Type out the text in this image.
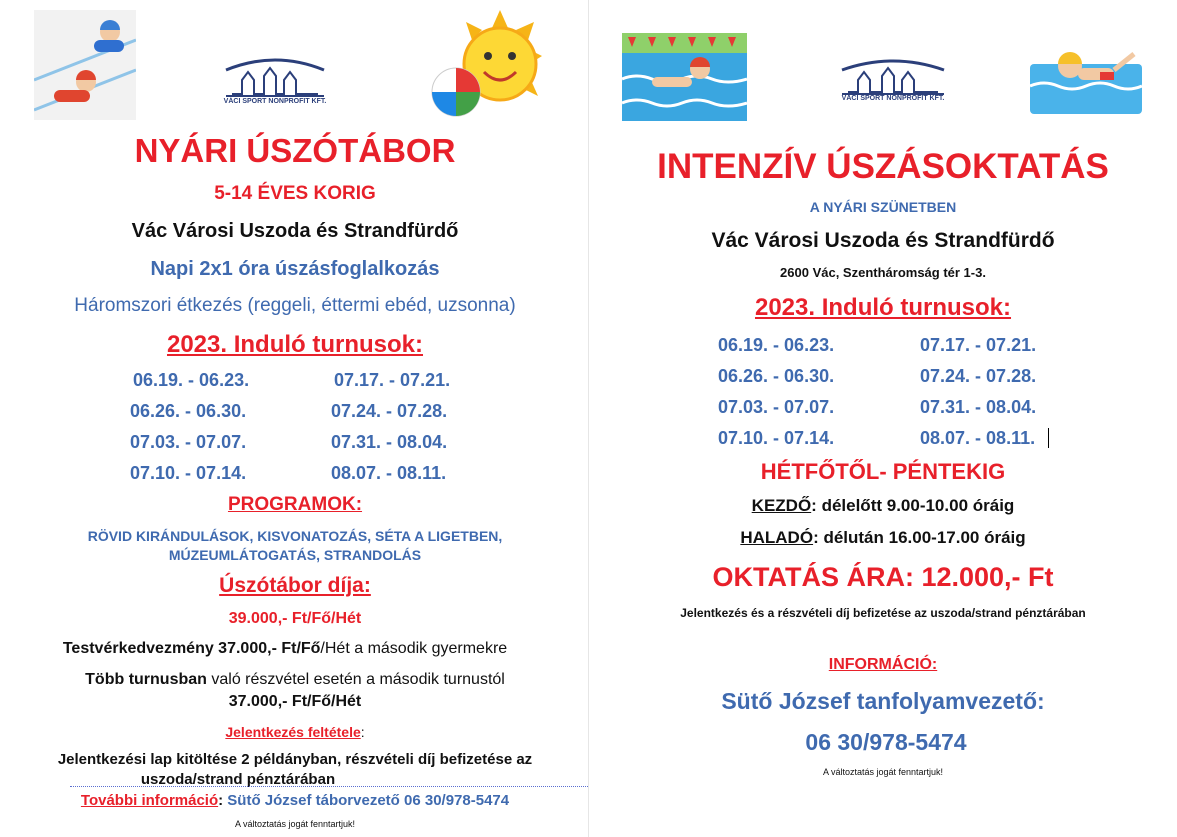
VÁCI SPORT NONPROFIT KFT.
NYÁRI ÚSZÓTÁBOR
5-14 ÉVES KORIG
Vác Városi Uszoda és Strandfürdő
Napi 2x1 óra úszásfoglalkozás
Háromszori étkezés (reggeli, éttermi ebéd, uzsonna)
2023. Induló turnusok:
06.19. - 06.23.
06.26. - 06.30.
07.03. - 07.07.
07.10. - 07.14.
07.17. - 07.21.
07.24. - 07.28.
07.31. - 08.04.
08.07. - 08.11.
PROGRAMOK:
RÖVID KIRÁNDULÁSOK, KISVONATOZÁS, SÉTA A LIGETBEN,
MÚZEUMLÁTOGATÁS, STRANDOLÁS
Úszótábor díja:
39.000,- Ft/Fő/Hét
Testvérkedvezmény 37.000,- Ft/Fő/Hét a második gyermekre
Több turnusban való részvétel esetén a második turnustól
37.000,- Ft/Fő/Hét
Jelentkezés feltétele:
Jelentkezési lap kitöltése 2 példányban, részvételi díj befizetése az
uszoda/strand pénztárában
További információ: Sütő József táborvezető 06 30/978-5474
A változtatás jogát fenntartjuk!
VÁCI SPORT NONPROFIT KFT.
INTENZÍV ÚSZÁSOKTATÁS
A NYÁRI SZÜNETBEN
Vác Városi Uszoda és Strandfürdő
2600 Vác, Szentháromság tér 1-3.
2023. Induló turnusok:
06.19. - 06.23.
06.26. - 06.30.
07.03. - 07.07.
07.10. - 07.14.
07.17. - 07.21.
07.24. - 07.28.
07.31. - 08.04.
08.07. - 08.11.
HÉTFŐTŐL- PÉNTEKIG
KEZDŐ: délelőtt 9.00-10.00 óráig
HALADÓ: délután 16.00-17.00 óráig
OKTATÁS ÁRA: 12.000,- Ft
Jelentkezés és a részvételi díj befizetése az uszoda/strand pénztárában
INFORMÁCIÓ:
Sütő József tanfolyamvezető:
06 30/978-5474
A változtatás jogát fenntartjuk!
